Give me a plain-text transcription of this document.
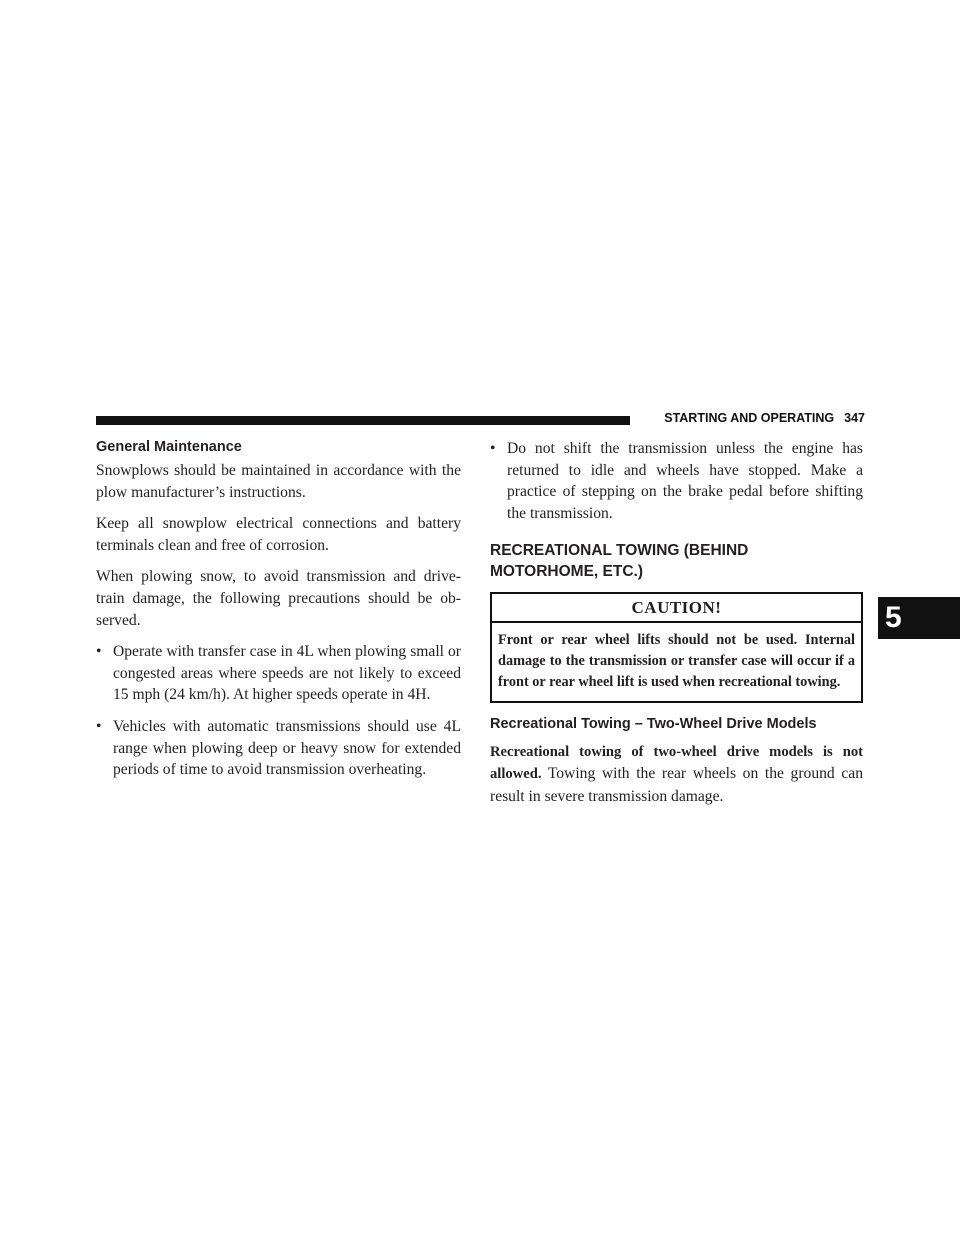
STARTING AND OPERATING 347
5
General Maintenance

Snowplows should be maintained in accordance with the plow manufacturer’s instructions.

Keep all snowplow electrical connections and battery terminals clean and free of corrosion.

When plowing snow, to avoid transmission and drive-train damage, the following precautions should be ob-served.

• Operate with transfer case in 4L when plowing small or congested areas where speeds are not likely to exceed 15 mph (24 km/h). At higher speeds operate in 4H.
• Vehicles with automatic transmissions should use 4L range when plowing deep or heavy snow for extended periods of time to avoid transmission overheating.
• Do not shift the transmission unless the engine has returned to idle and wheels have stopped. Make a practice of stepping on the brake pedal before shifting the transmission.
RECREATIONAL TOWING (BEHIND
MOTORHOME, ETC.)
CAUTION!
Front or rear wheel lifts should not be used. Internal damage to the transmission or transfer case will occur if a front or rear wheel lift is used when recreational towing.
Recreational Towing – Two-Wheel Drive Models

Recreational towing of two-wheel drive models is not allowed. Towing with the rear wheels on the ground can result in severe transmission damage.
